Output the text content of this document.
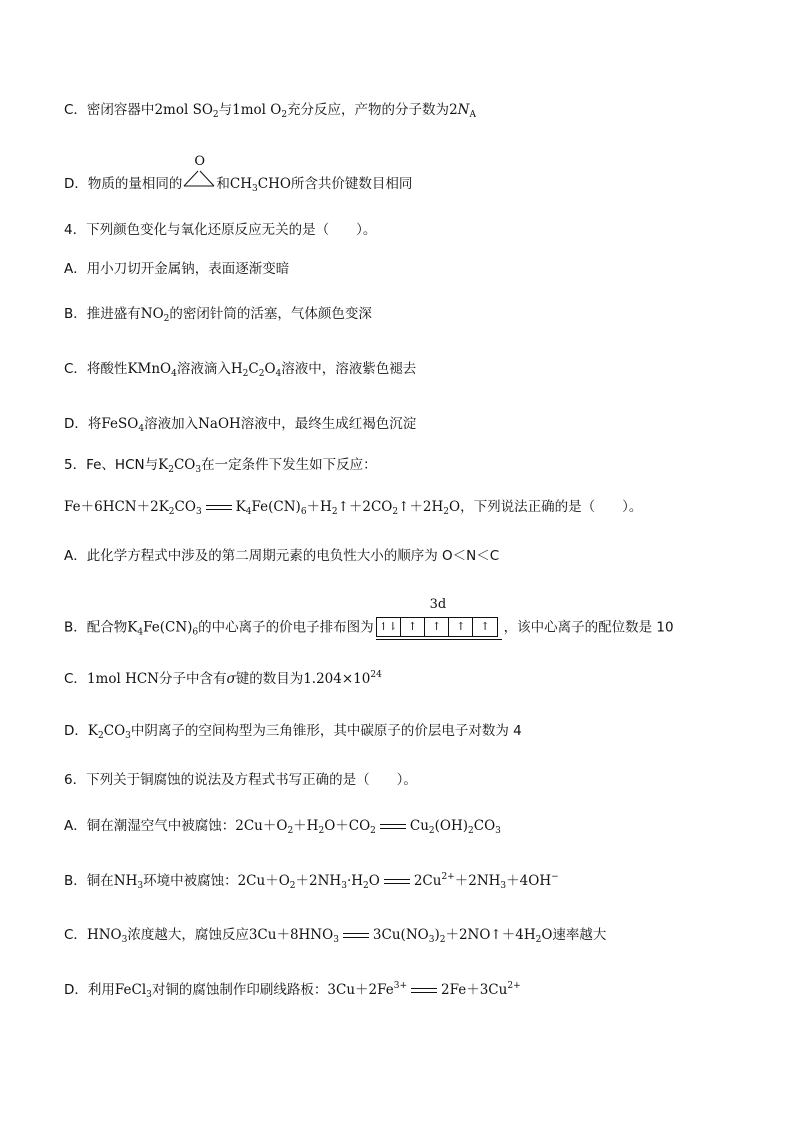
C．密闭容器中2mol $SO_2$与1mol $O_2$充分反应，产物的分子数为$2N_A$
D．物质的量相同的
O
和$CH_3CHO$所含共价键数目相同
4．下列颜色变化与氧化还原反应无关的是（　　）。
A．用小刀切开金属钠，表面逐渐变暗
B．推进盛有$NO_2$的密闭针筒的活塞，气体颜色变深
C．将酸性KMnO$_4$溶液滴入$H_2C_2O_4$溶液中，溶液紫色褪去
D．将FeSO$_4$溶液加入NaOH溶液中，最终生成红褐色沉淀
5．Fe、HCN与$K_2CO_3$在一定条件下发生如下反应：
$Fe+6HCN+2K_2CO_3$	$K_4Fe(CN)_6+H_2↑+2CO_2↑+2H_2O$，下列说法正确的是（　　）。
A．此化学方程式中涉及的第二周期元素的电负性大小的顺序为 O＜N＜C
B．配合物$K_4Fe(CN)_6$的中心离子的价电子排布图为
3d
↿⇂ ↑	↑	↑	↑	，该中心离子的配位数是 10
C．1mol HCN分子中含有σ键的数目为$1.204\times 10^{24}$
D．$K_2CO_3$中阴离子的空间构型为三角锥形，其中碳原子的价层电子对数为 4
6．下列关于铜腐蚀的说法及方程式书写正确的是（　　）。
A．铜在潮湿空气中被腐蚀：$2Cu+O_2+H_2O+CO_2$	$Cu_2(OH)_2CO_3$
B．铜在$NH_3$环境中被腐蚀：$2Cu+O_2+2NH_3\cdot H_2O$	$2Cu^{2+}+2NH_3+4OH^-$
C．$HNO_3$浓度越大，腐蚀反应$3Cu+8HNO_3$	$3Cu(NO_3)_2+2NO↑+4H_2O$速率越大
D．利用FeCl$_3$对铜的腐蚀制作印刷线路板：$3Cu+2Fe^{3+}$	$2Fe+3Cu^{2+}$
